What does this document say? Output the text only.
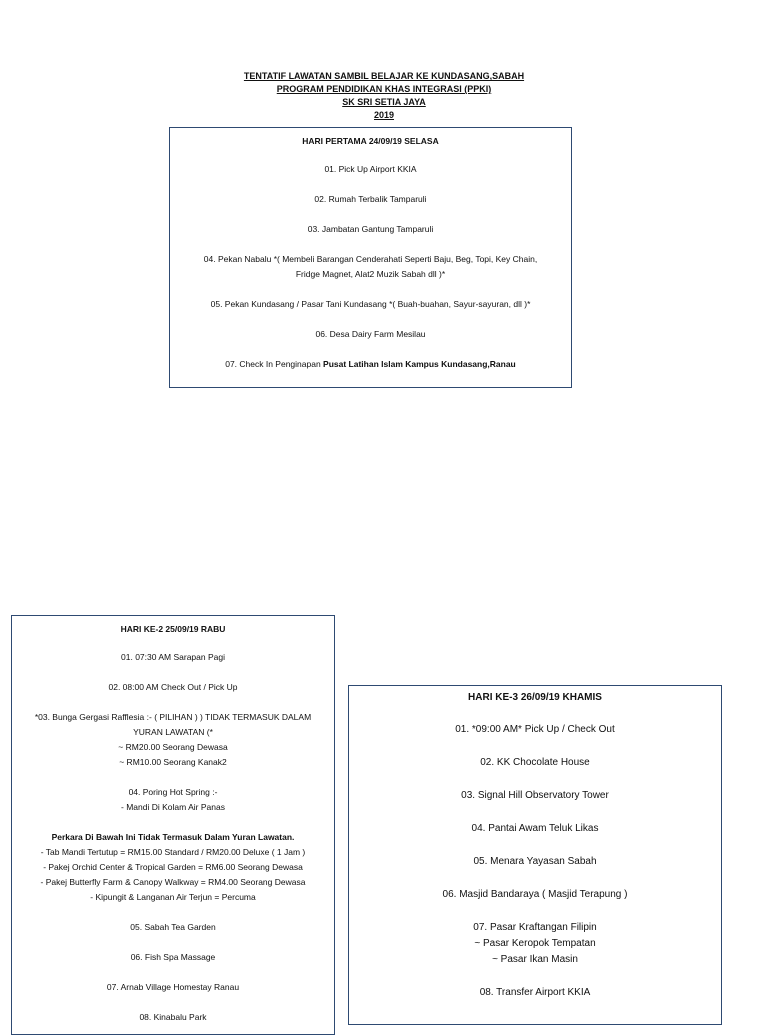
TENTATIF LAWATAN SAMBIL BELAJAR KE KUNDASANG,SABAH
PROGRAM PENDIDIKAN KHAS INTEGRASI (PPKI)
SK SRI SETIA JAYA
2019
HARI PERTAMA 24/09/19 SELASA
01. Pick Up Airport KKIA
02. Rumah Terbalik Tamparuli
03. Jambatan Gantung Tamparuli
04. Pekan Nabalu *( Membeli Barangan Cenderahati Seperti Baju, Beg, Topi, Key Chain,
Fridge Magnet, Alat2 Muzik Sabah dll )*
05. Pekan Kundasang / Pasar Tani Kundasang *( Buah-buahan, Sayur-sayuran, dll )*
06. Desa Dairy Farm Mesilau
07. Check In Penginapan Pusat Latihan Islam Kampus Kundasang,Ranau
HARI KE-2 25/09/19 RABU
01. 07:30 AM Sarapan Pagi
02. 08:00 AM Check Out / Pick Up
*03. Bunga Gergasi Rafflesia :- ( PILIHAN ) ) TIDAK TERMASUK DALAM
YURAN LAWATAN (*
~ RM20.00 Seorang Dewasa
~ RM10.00 Seorang Kanak2
04. Poring Hot Spring :-
- Mandi Di Kolam Air Panas
Perkara Di Bawah Ini Tidak Termasuk Dalam Yuran Lawatan.
- Tab Mandi Tertutup = RM15.00 Standard / RM20.00 Deluxe ( 1 Jam )
- Pakej Orchid Center & Tropical Garden = RM6.00 Seorang Dewasa
- Pakej Butterfly Farm & Canopy Walkway = RM4.00 Seorang Dewasa
- Kipungit & Langanan Air Terjun = Percuma
05. Sabah Tea Garden
06. Fish Spa Massage
07. Arnab Village Homestay Ranau
08. Kinabalu Park
HARI KE-3 26/09/19 KHAMIS
01. *09:00 AM* Pick Up / Check Out
02. KK Chocolate House
03. Signal Hill Observatory Tower
04. Pantai Awam Teluk Likas
05. Menara Yayasan Sabah
06. Masjid Bandaraya ( Masjid Terapung )
07. Pasar Kraftangan Filipin
~ Pasar Keropok Tempatan
~ Pasar Ikan Masin
08. Transfer Airport KKIA
